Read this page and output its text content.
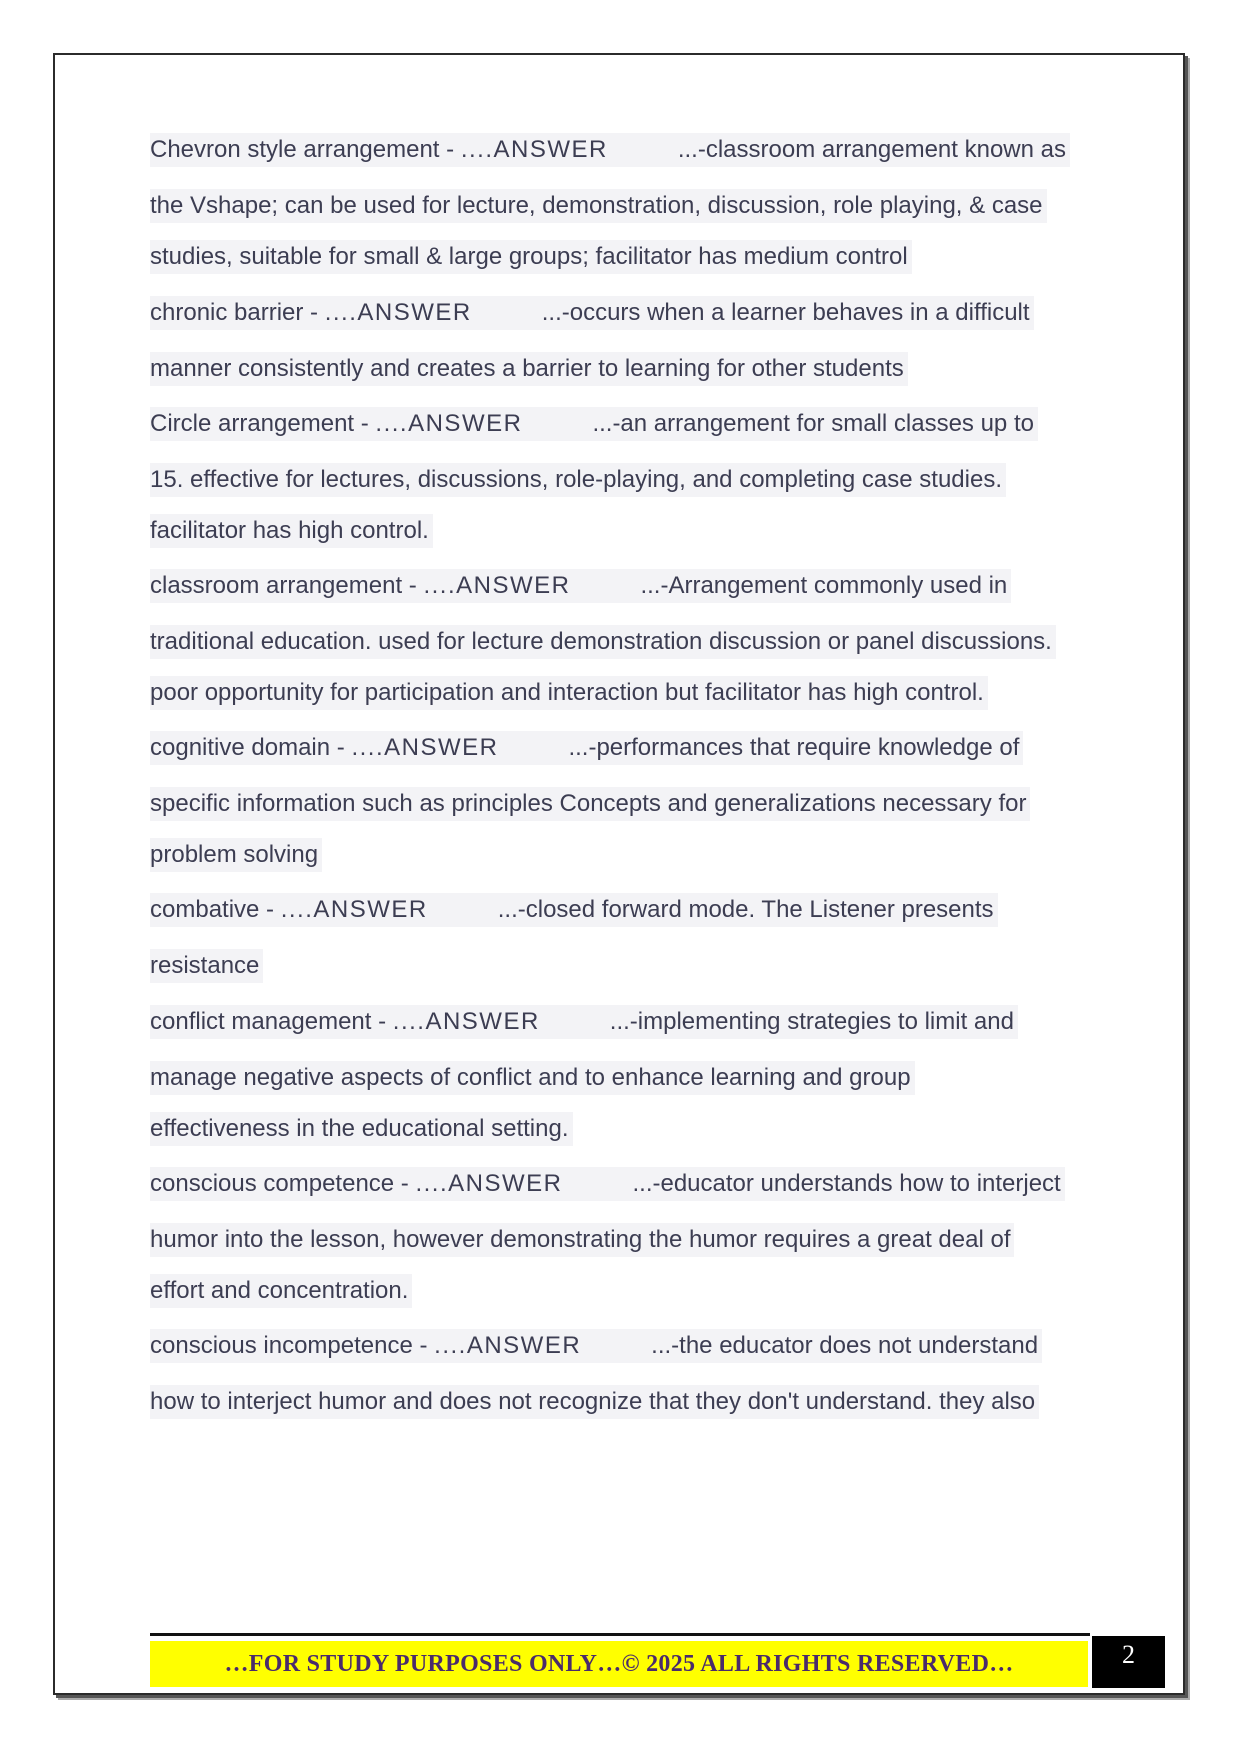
Chevron style arrangement - ....ANSWER	...-classroom arrangement known as
the Vshape; can be used for lecture, demonstration, discussion, role playing, & case
studies, suitable for small & large groups; facilitator has medium control
chronic barrier - ....ANSWER	...-occurs when a learner behaves in a difficult
manner consistently and creates a barrier to learning for other students
Circle arrangement - ....ANSWER	...-an arrangement for small classes up to
15. effective for lectures, discussions, role-playing, and completing case studies.
facilitator has high control.
classroom arrangement - ....ANSWER	...-Arrangement commonly used in
traditional education. used for lecture demonstration discussion or panel discussions.
poor opportunity for participation and interaction but facilitator has high control.
cognitive domain - ....ANSWER	...-performances that require knowledge of
specific information such as principles Concepts and generalizations necessary for
problem solving
combative - ....ANSWER	...-closed forward mode. The Listener presents
resistance
conflict management - ....ANSWER	...-implementing strategies to limit and
manage negative aspects of conflict and to enhance learning and group
effectiveness in the educational setting.
conscious competence - ....ANSWER	...-educator understands how to interject
humor into the lesson, however demonstrating the humor requires a great deal of
effort and concentration.
conscious incompetence - ....ANSWER	...-the educator does not understand
how to interject humor and does not recognize that they don't understand. they also
…FOR STUDY PURPOSES ONLY…© 2025 ALL RIGHTS RESERVED…	2
